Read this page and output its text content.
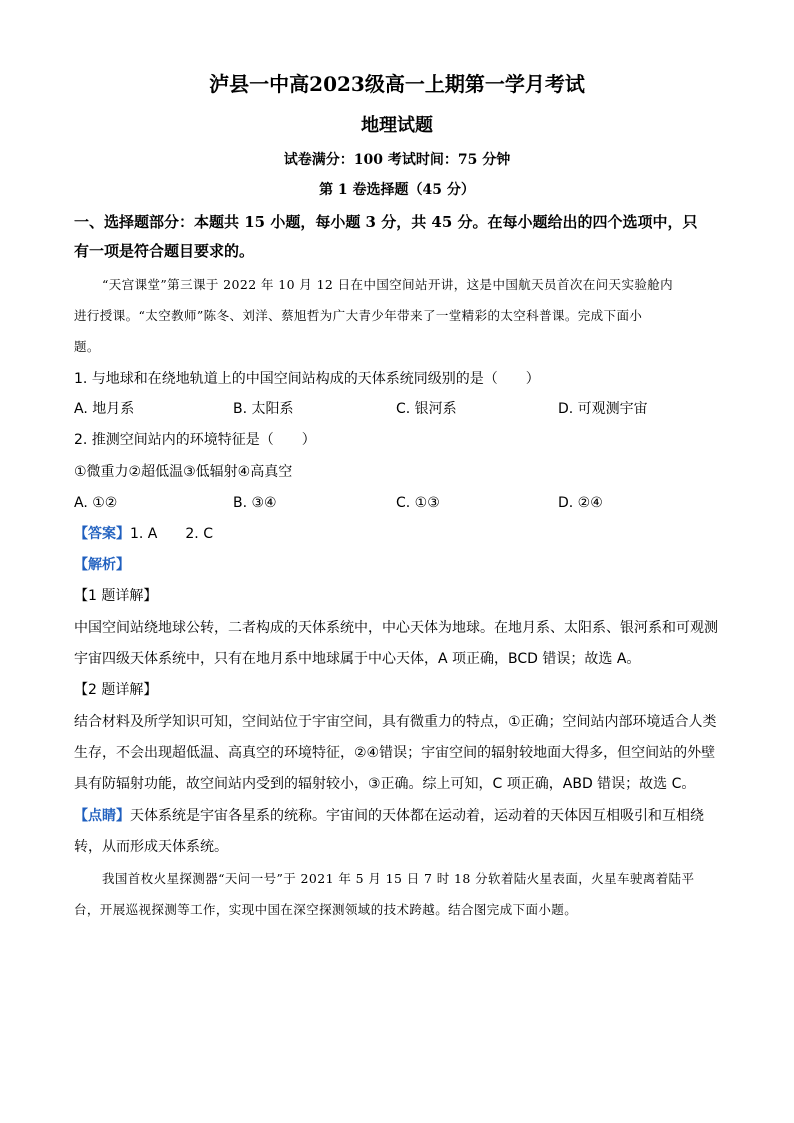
泸县一中高2023级高一上期第一学月考试
地理试题
试卷满分：100 考试时间：75 分钟
第 1 卷选择题（45 分）
一、选择题部分：本题共 15 小题，每小题 3 分，共 45 分。在每小题给出的四个选项中，只
有一项是符合题目要求的。
“天宫课堂”第三课于 2022 年 10 月 12 日在中国空间站开讲，这是中国航天员首次在问天实验舱内
进行授课。“太空教师”陈冬、刘洋、蔡旭哲为广大青少年带来了一堂精彩的太空科普课。完成下面小
题。
1. 与地球和在绕地轨道上的中国空间站构成的天体系统同级别的是（　　）
A. 地月系	B. 太阳系	C. 银河系	D. 可观测宇宙
2. 推测空间站内的环境特征是（　　）
①微重力②超低温③低辐射④高真空
A. ①②	B. ③④	C. ①③	D. ②④
【答案】1. A　　2. C
【解析】
【1 题详解】
中国空间站绕地球公转，二者构成的天体系统中，中心天体为地球。在地月系、太阳系、银河系和可观测
宇宙四级天体系统中，只有在地月系中地球属于中心天体，A 项正确，BCD 错误；故选 A。
【2 题详解】
结合材料及所学知识可知，空间站位于宇宙空间，具有微重力的特点，①正确；空间站内部环境适合人类
生存，不会出现超低温、高真空的环境特征，②④错误；宇宙空间的辐射较地面大得多，但空间站的外壁
具有防辐射功能，故空间站内受到的辐射较小，③正确。综上可知，C 项正确，ABD 错误；故选 C。
【点睛】天体系统是宇宙各星系的统称。宇宙间的天体都在运动着，运动着的天体因互相吸引和互相绕
转，从而形成天体系统。
我国首枚火星探测器“天问一号”于 2021 年 5 月 15 日 7 时 18 分软着陆火星表面，火星车驶离着陆平
台，开展巡视探测等工作，实现中国在深空探测领域的技术跨越。结合图完成下面小题。
